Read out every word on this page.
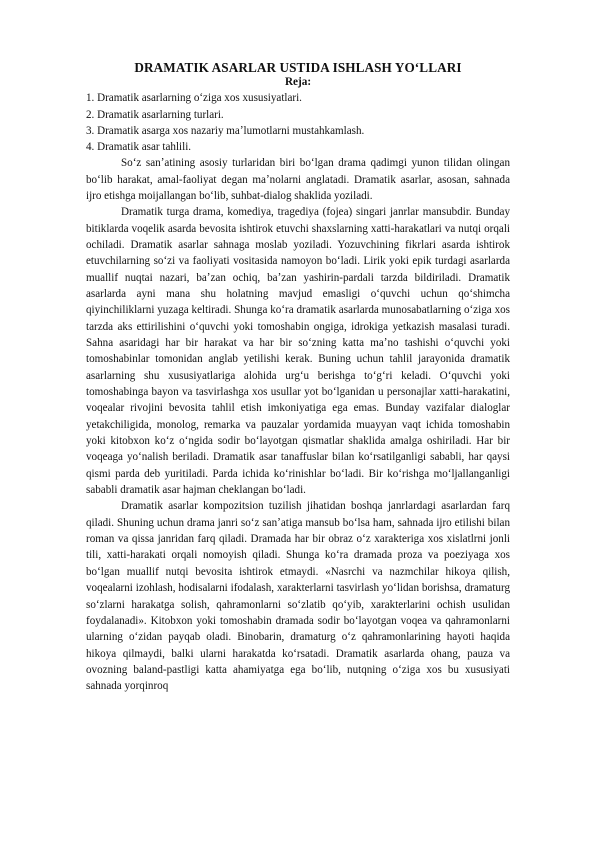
DRAMATIK ASARLAR USTIDA ISHLASH YOʻLLARI
Reja:
1. Dramatik asarlarning oʻziga xos xususiyatlari.
2. Dramatik asarlarning turlari.
3. Dramatik asarga xos nazariy maʼlumotlarni mustahkamlash.
4. Dramatik asar tahlili.

Soʻz sanʼatining asosiy turlaridan biri boʻlgan drama qadimgi yunon tilidan olingan boʻlib harakat, amal-faoliyat degan maʼnolarni anglatadi. Dramatik asarlar, asosan, sahnada ijro etishga moijallangan boʻlib, suhbat-dialog shaklida yoziladi.

Dramatik turga drama, komediya, tragediya (fojea) singari janrlar mansubdir. Bunday bitiklarda voqelik asarda bevosita ishtirok etuvchi shaxslarning xatti-harakatlari va nutqi orqali ochiladi. Dramatik asarlar sahnaga moslab yoziladi. Yozuvchining fikrlari asarda ishtirok etuvchilarning soʻzi va faoliyati vositasida namoyon boʻladi. Lirik yoki epik turdagi asarlarda muallif nuqtai nazari, baʼzan ochiq, baʼzan yashirin-pardali tarzda bildiriladi. Dramatik asarlarda ayni mana shu holatning mavjud emasligi oʻquvchi uchun qoʻshimcha qiyinchiliklarni yuzaga keltiradi. Shunga koʻra dramatik asarlarda munosabatlarning oʻziga xos tarzda aks ettirilishini oʻquvchi yoki tomoshabin ongiga, idrokiga yetkazish masalasi turadi. Sahna asaridagi har bir harakat va har bir soʻzning katta maʼno tashishi oʻquvchi yoki tomoshabinlar tomonidan anglab yetilishi kerak. Buning uchun tahlil jarayonida dramatik asarlarning shu xususiyatlariga alohida urgʻu berishga toʻgʻri keladi. Oʻquvchi yoki tomoshabinga bayon va tasvirlashga xos usullar yot boʻlganidan u personajlar xatti-harakatini, voqealar rivojini bevosita tahlil etish imkoniyatiga ega emas. Bunday vazifalar dialoglar yetakchiligida, monolog, remarka va pauzalar yordamida muayyan vaqt ichida tomoshabin yoki kitobxon koʻz oʻngida sodir boʻlayotgan qismatlar shaklida amalga oshiriladi. Har bir voqeaga yoʻnalish beriladi. Dramatik asar tanaffuslar bilan koʻrsatilganligi sababli, har qaysi qismi parda deb yuritiladi. Parda ichida koʻrinishlar boʻladi. Bir koʻrishga moʻljallanganligi sababli dramatik asar hajman cheklangan boʻladi.

Dramatik asarlar kompozitsion tuzilish jihatidan boshqa janrlardagi asarlardan farq qiladi. Shuning uchun drama janri soʻz sanʼatiga mansub boʻlsa ham, sahnada ijro etilishi bilan roman va qissa janridan farq qiladi. Dramada har bir obraz oʻz xarakteriga xos xislatlrni jonli tili, xatti-harakati orqali nomoyish qiladi. Shunga koʻra dramada proza va poeziyaga xos boʻlgan muallif nutqi bevosita ishtirok etmaydi. «Nasrchi va nazmchilar hikoya qilish, voqealarni izohlash, hodisalarni ifodalash, xarakterlarni tasvirlash yoʻlidan borishsa, dramaturg soʻzlarni harakatga solish, qahramonlarni soʻzlatib qoʻyib, xarakterlarini ochish usulidan foydalanadi». Kitobxon yoki tomoshabin dramada sodir boʻlayotgan voqea va qahramonlarni ularning oʻzidan payqab oladi. Binobarin, dramaturg oʻz qahramonlarining hayoti haqida hikoya qilmaydi, balki ularni harakatda koʻrsatadi. Dramatik asarlarda ohang, pauza va ovozning baland-pastligi katta ahamiyatga ega boʻlib, nutqning oʻziga xos bu xususiyati sahnada yorqinroq
